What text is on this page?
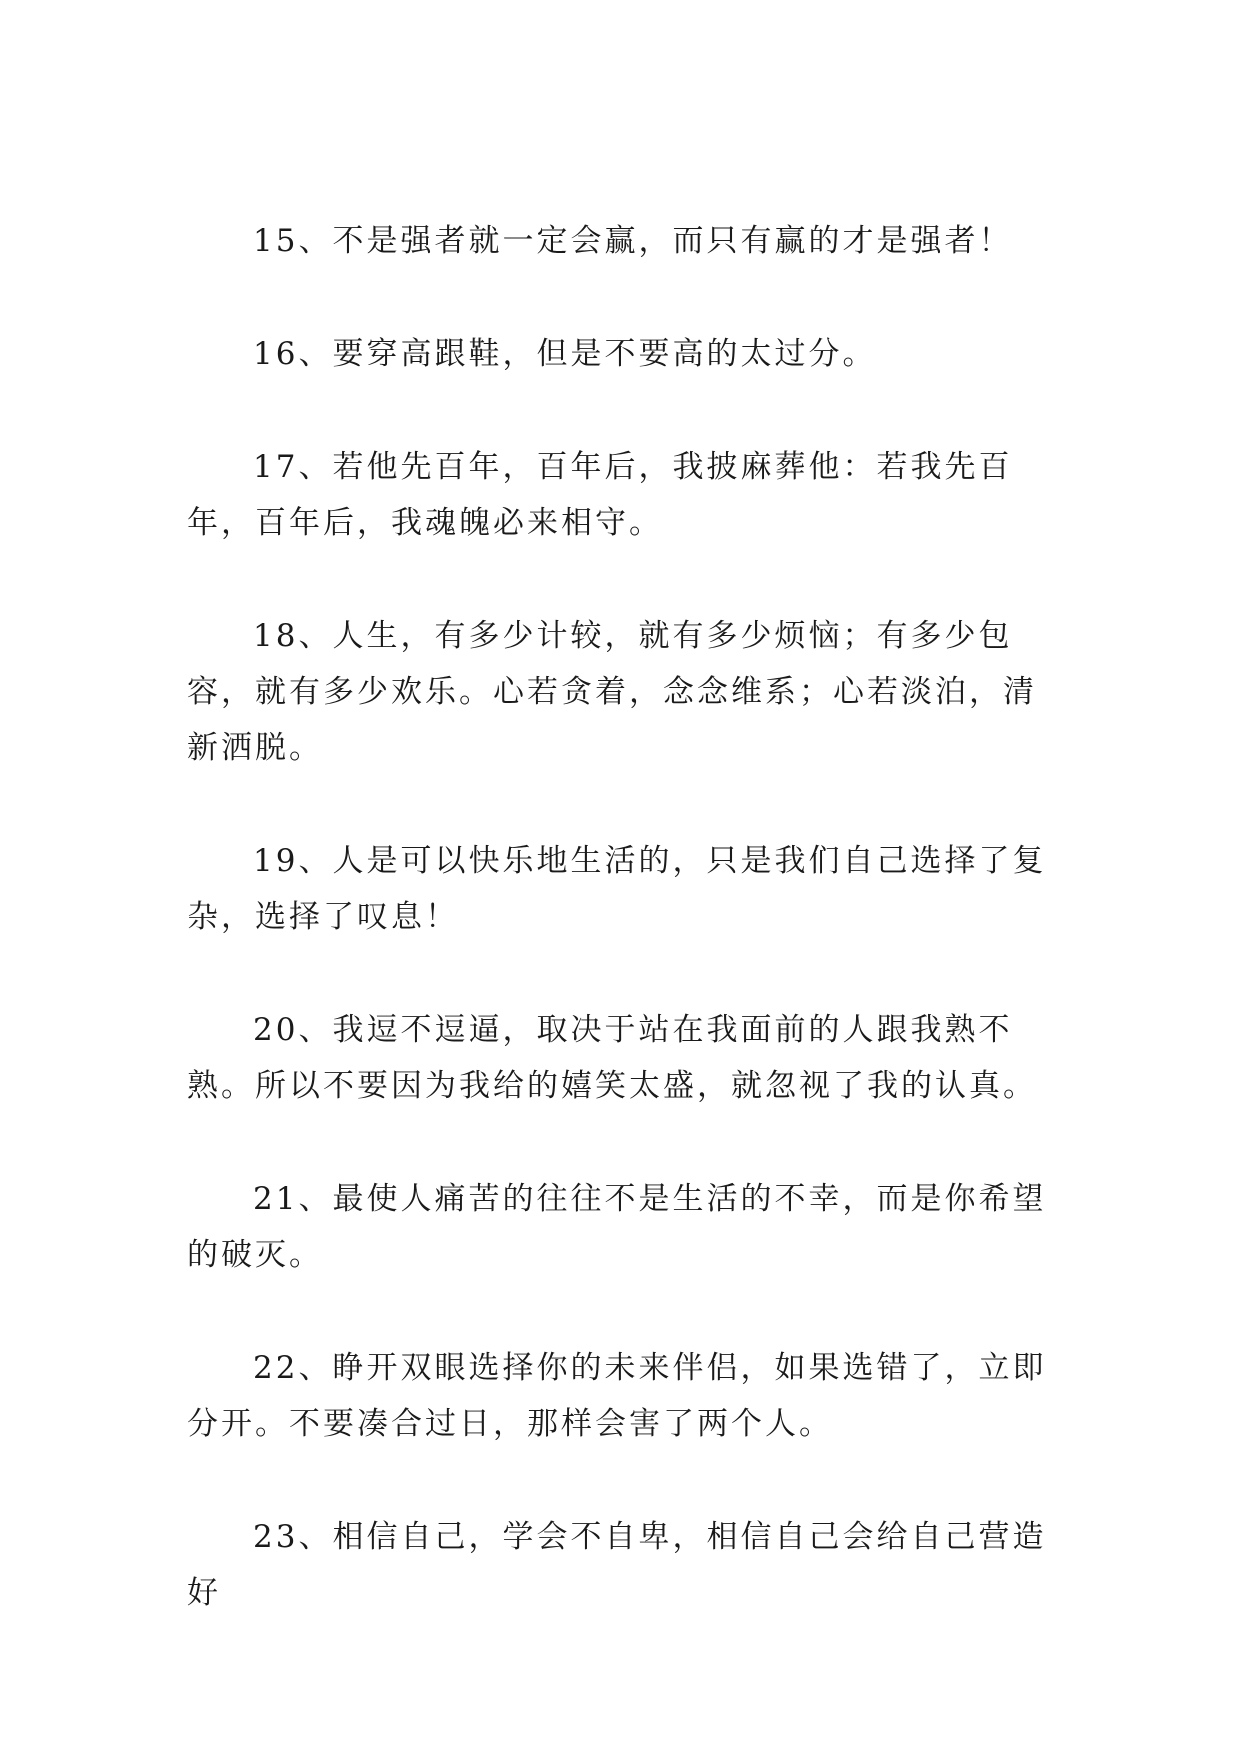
15、不是强者就一定会赢，而只有赢的才是强者！

16、要穿高跟鞋，但是不要高的太过分。

17、若他先百年，百年后，我披麻葬他：若我先百年，百年后，我魂魄必来相守。

18、人生，有多少计较，就有多少烦恼；有多少包容，就有多少欢乐。心若贪着，念念维系；心若淡泊，清新洒脱。

19、人是可以快乐地生活的，只是我们自己选择了复杂，选择了叹息！

20、我逗不逗逼，取决于站在我面前的人跟我熟不熟。所以不要因为我给的嬉笑太盛，就忽视了我的认真。

21、最使人痛苦的往往不是生活的不幸，而是你希望的破灭。

22、睁开双眼选择你的未来伴侣，如果选错了，立即分开。不要凑合过日，那样会害了两个人。

23、相信自己，学会不自卑，相信自己会给自己营造好
